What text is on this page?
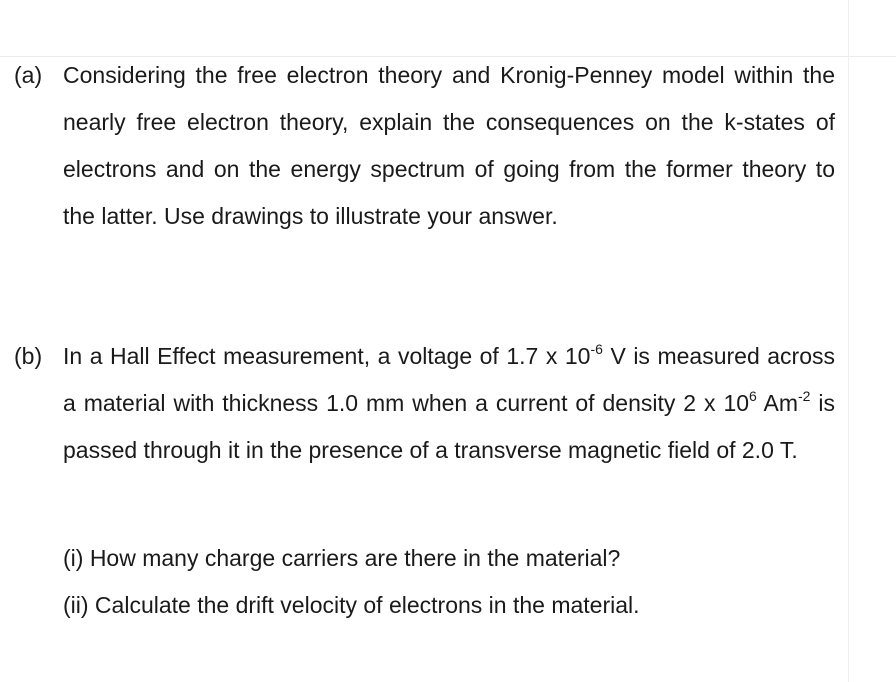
(a) Considering the free electron theory and Kronig-Penney model within the nearly free electron theory, explain the consequences on the k-states of electrons and on the energy spectrum of going from the former theory to the latter. Use drawings to illustrate your answer.
(b) In a Hall Effect measurement, a voltage of 1.7 x $10^{-6}$ V is measured across a material with thickness 1.0 mm when a current of density 2 x $10^6$ $Am^{-2}$ is passed through it in the presence of a transverse magnetic field of 2.0 T.
(i) How many charge carriers are there in the material?
(ii) Calculate the drift velocity of electrons in the material.
